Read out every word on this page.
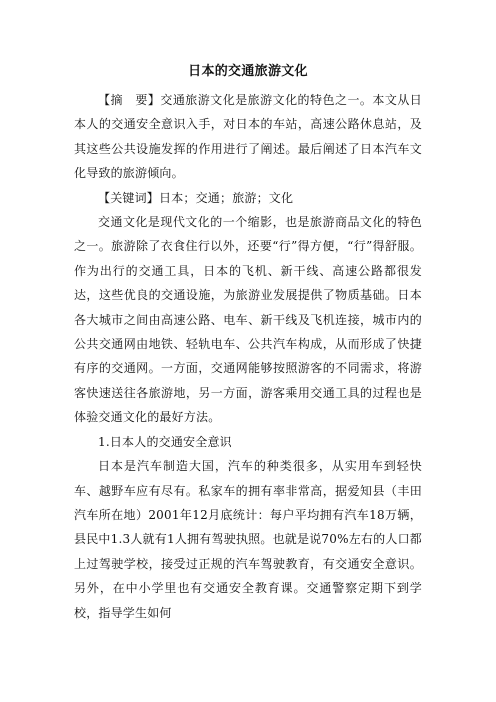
日本的交通旅游文化

【摘　要】交通旅游文化是旅游文化的特色之一。本文从日本人的交通安全意识入手，对日本的车站，高速公路休息站，及其这些公共设施发挥的作用进行了阐述。最后阐述了日本汽车文化导致的旅游倾向。

【关键词】日本；交通；旅游；文化

交通文化是现代文化的一个缩影，也是旅游商品文化的特色之一。旅游除了衣食住行以外，还要“行”得方便，“行”得舒服。作为出行的交通工具，日本的飞机、新干线、高速公路都很发达，这些优良的交通设施，为旅游业发展提供了物质基础。日本各大城市之间由高速公路、电车、新干线及飞机连接，城市内的公共交通网由地铁、轻轨电车、公共汽车构成，从而形成了快捷有序的交通网。一方面，交通网能够按照游客的不同需求，将游客快速送往各旅游地，另一方面，游客乘用交通工具的过程也是体验交通文化的最好方法。

1.日本人的交通安全意识

日本是汽车制造大国，汽车的种类很多，从实用车到轻快车、越野车应有尽有。私家车的拥有率非常高，据爱知县（丰田汽车所在地）2001年12月底统计：每户平均拥有汽车18万辆，县民中1.3人就有1人拥有驾驶执照。也就是说70%左右的人口都上过驾驶学校，接受过正规的汽车驾驶教育，有交通安全意识。另外，在中小学里也有交通安全教育课。交通警察定期下到学校，指导学生如何
